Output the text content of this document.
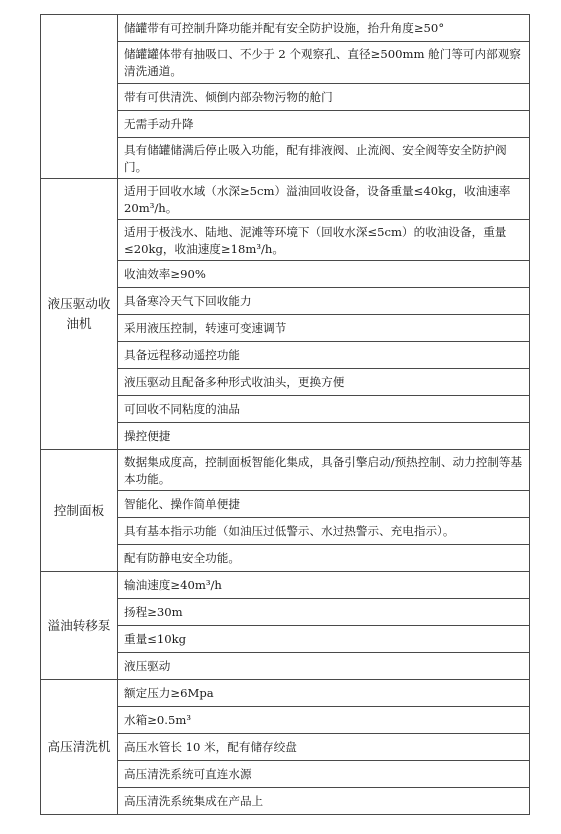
	储罐带有可控制升降功能并配有安全防护设施，抬升角度≥50°
	储罐罐体带有抽吸口、不少于 2 个观察孔、直径≥500mm 舱门等可内部观察清洗通道。
	带有可供清洗、倾倒内部杂物污物的舱门
	无需手动升降
	具有储罐储满后停止吸入功能，配有排液阀、止流阀、安全阀等安全防护阀门。
液压驱动收油机	适用于回收水域（水深≥5cm）溢油回收设备，设备重量≤40kg，收油速率 20m³/h。
	适用于极浅水、陆地、泥滩等环境下（回收水深≤5cm）的收油设备，重量≤20kg，收油速度≥18m³/h。
	收油效率≥90%
	具备寒冷天气下回收能力
	采用液压控制，转速可变速调节
	具备远程移动遥控功能
	液压驱动且配备多种形式收油头，更换方便
	可回收不同粘度的油品
	操控便捷
控制面板	数据集成度高，控制面板智能化集成，具备引擎启动/预热控制、动力控制等基本功能。
	智能化、操作简单便捷
	具有基本指示功能（如油压过低警示、水过热警示、充电指示）。
	配有防静电安全功能。
溢油转移泵	输油速度≥40m³/h
	扬程≥30m
	重量≤10kg
	液压驱动
高压清洗机	额定压力≥6Mpa
	水箱≥0.5m³
	高压水管长 10 米，配有储存绞盘
	高压清洗系统可直连水源
	高压清洗系统集成在产品上
